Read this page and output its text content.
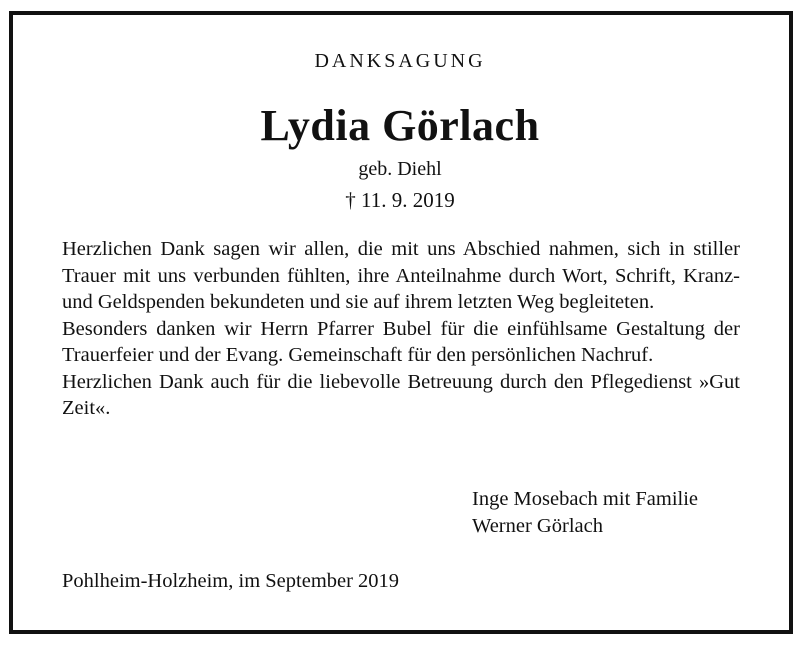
DANKSAGUNG
Lydia Görlach
geb. Diehl
† 11. 9. 2019

Herzlichen Dank sagen wir allen, die mit uns Abschied nahmen, sich in stiller Trauer mit uns verbunden fühlten, ihre Anteilnahme durch Wort, Schrift, Kranz- und Geldspenden bekundeten und sie auf ihrem letzten Weg begleiteten.

Besonders danken wir Herrn Pfarrer Bubel für die einfühlsame Gestaltung der Trauerfeier und der Evang. Gemeinschaft für den persönlichen Nachruf.

Herzlichen Dank auch für die liebevolle Betreuung durch den Pflegedienst »Gut Zeit«.

Inge Mosebach mit Familie
Werner Görlach
Pohlheim-Holzheim, im September 2019
